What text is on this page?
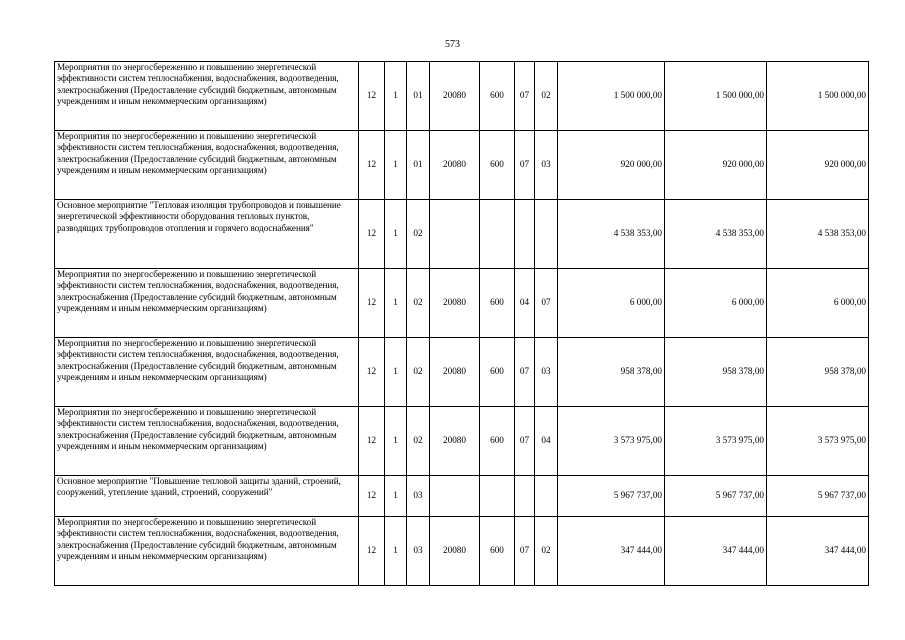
573
Мероприятия по энергосбережению и повышению энергетической эффективности систем теплоснабжения, водоснабжения, водоотведения, электроснабжения (Предоставление субсидий бюджетным, автономным учреждениям и иным некоммерческим организациям)	12	1	01	20080	600	07	02	1 500 000,00	1 500 000,00	1 500 000,00
Мероприятия по энергосбережению и повышению энергетической эффективности систем теплоснабжения, водоснабжения, водоотведения, электроснабжения (Предоставление субсидий бюджетным, автономным учреждениям и иным некоммерческим организациям)	12	1	01	20080	600	07	03	920 000,00	920 000,00	920 000,00
Основное мероприятие "Тепловая изоляция трубопроводов и повышение энергетической эффективности оборудования тепловых пунктов, разводящих трубопроводов отопления и горячего водоснабжения"	12	1	02					4 538 353,00	4 538 353,00	4 538 353,00
Мероприятия по энергосбережению и повышению энергетической эффективности систем теплоснабжения, водоснабжения, водоотведения, электроснабжения (Предоставление субсидий бюджетным, автономным учреждениям и иным некоммерческим организациям)	12	1	02	20080	600	04	07	6 000,00	6 000,00	6 000,00
Мероприятия по энергосбережению и повышению энергетической эффективности систем теплоснабжения, водоснабжения, водоотведения, электроснабжения (Предоставление субсидий бюджетным, автономным учреждениям и иным некоммерческим организациям)	12	1	02	20080	600	07	03	958 378,00	958 378,00	958 378,00
Мероприятия по энергосбережению и повышению энергетической эффективности систем теплоснабжения, водоснабжения, водоотведения, электроснабжения (Предоставление субсидий бюджетным, автономным учреждениям и иным некоммерческим организациям)	12	1	02	20080	600	07	04	3 573 975,00	3 573 975,00	3 573 975,00
Основное мероприятие "Повышение тепловой защиты зданий, строений, сооружений, утепление зданий, строений, сооружений"	12	1	03					5 967 737,00	5 967 737,00	5 967 737,00
Мероприятия по энергосбережению и повышению энергетической эффективности систем теплоснабжения, водоснабжения, водоотведения, электроснабжения (Предоставление субсидий бюджетным, автономным учреждениям и иным некоммерческим организациям)	12	1	03	20080	600	07	02	347 444,00	347 444,00	347 444,00
